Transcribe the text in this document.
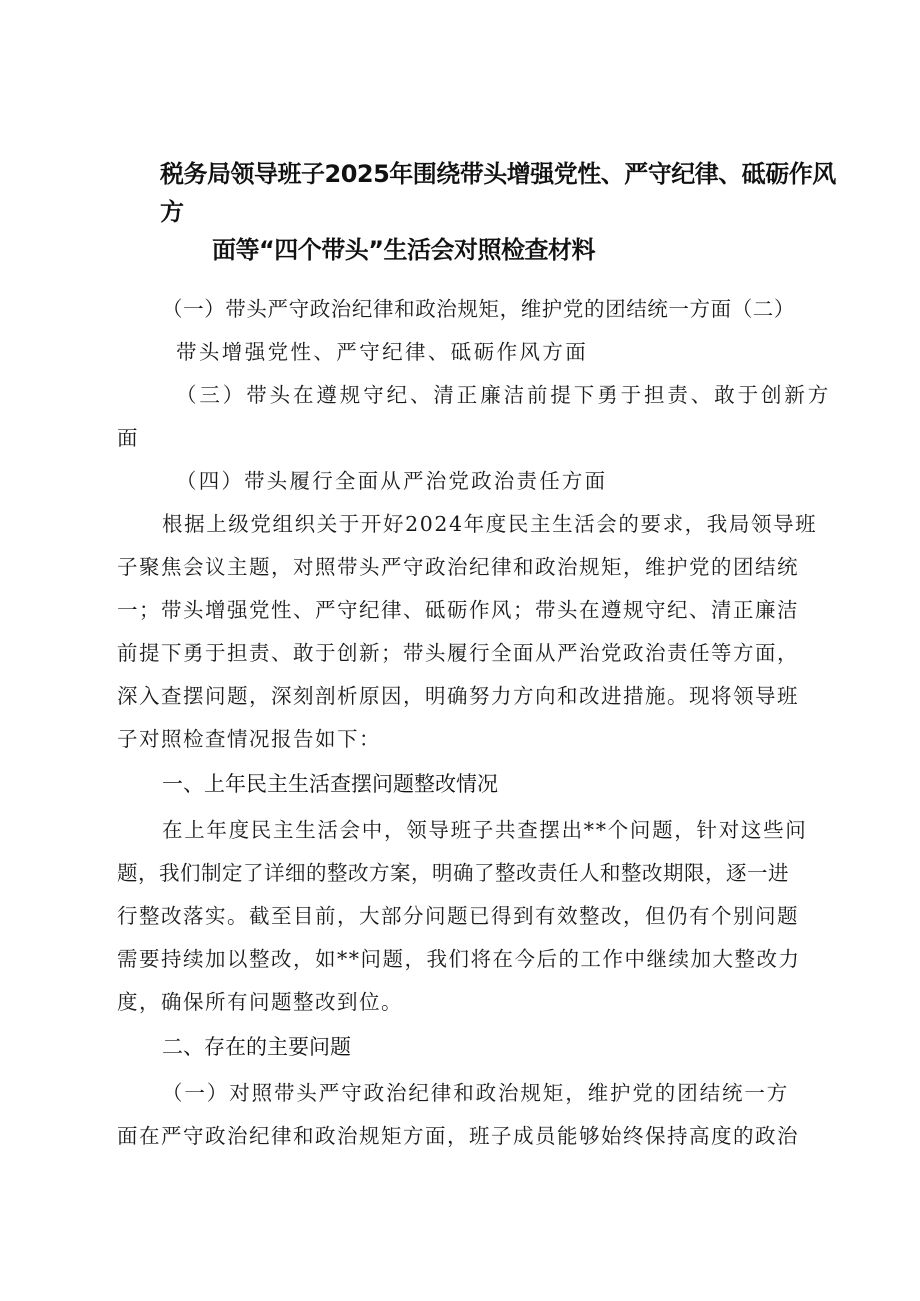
税务局领导班子2025年围绕带头增强党性、严守纪律、砥砺作风方
面等“四个带头”生活会对照检查材料
（一）带头严守政治纪律和政治规矩，维护党的团结统一方面（二）
带头增强党性、严守纪律、砥砺作风方面
（三）带头在遵规守纪、清正廉洁前提下勇于担责、敢于创新方
面
（四）带头履行全面从严治党政治责任方面
根据上级党组织关于开好2024年度民主生活会的要求，我局领导班
子聚焦会议主题，对照带头严守政治纪律和政治规矩，维护党的团结统
一；带头增强党性、严守纪律、砥砺作风；带头在遵规守纪、清正廉洁
前提下勇于担责、敢于创新；带头履行全面从严治党政治责任等方面，
深入查摆问题，深刻剖析原因，明确努力方向和改进措施。现将领导班
子对照检查情况报告如下：
一、上年民主生活查摆问题整改情况
在上年度民主生活会中，领导班子共查摆出**个问题，针对这些问
题，我们制定了详细的整改方案，明确了整改责任人和整改期限，逐一进
行整改落实。截至目前，大部分问题已得到有效整改，但仍有个别问题
需要持续加以整改，如**问题，我们将在今后的工作中继续加大整改力
度，确保所有问题整改到位。
二、存在的主要问题
（一）对照带头严守政治纪律和政治规矩，维护党的团结统一方
面在严守政治纪律和政治规矩方面，班子成员能够始终保持高度的政治
